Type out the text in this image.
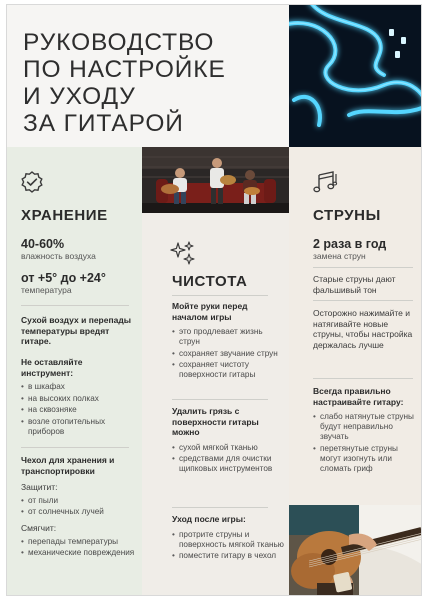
РУКОВОДСТВО
ПО НАСТРОЙКЕ
И УХОДУ
ЗА ГИТАРОЙ
ХРАНЕНИЕ
40-60%
влажность воздуха
от +5° до +24°
температура
Сухой воздух и перепады температуры вредят гитаре.
Не оставляйте инструмент:
• в шкафах
• на высоких полках
• на сквозняке
• возле отопительных приборов
Чехол для хранения и транспортировки
Защитит:
• от пыли
• от солнечных лучей
Смягчит:
• перепады температуры
• механические повреждения
ЧИСТОТА
Мойте руки перед началом игры
• это продлевает жизнь струн
• сохраняет звучание струн
• сохраняет чистоту поверхности гитары
Удалить грязь с поверхности гитары можно
• сухой мягкой тканью
• средствами для очистки щипковых инструментов
Уход после игры:
• протрите струны и поверхность мягкой тканью
• поместите гитару в чехол
СТРУНЫ
2 раза в год
замена струн
Старые струны дают фальшивый тон
Осторожно нажимайте и натягивайте новые струны, чтобы настройка держалась лучше
Всегда правильно настраивайте гитару:
• слабо натянутые струны будут неправильно звучать
• перетянутые струны могут изогнуть или сломать гриф
